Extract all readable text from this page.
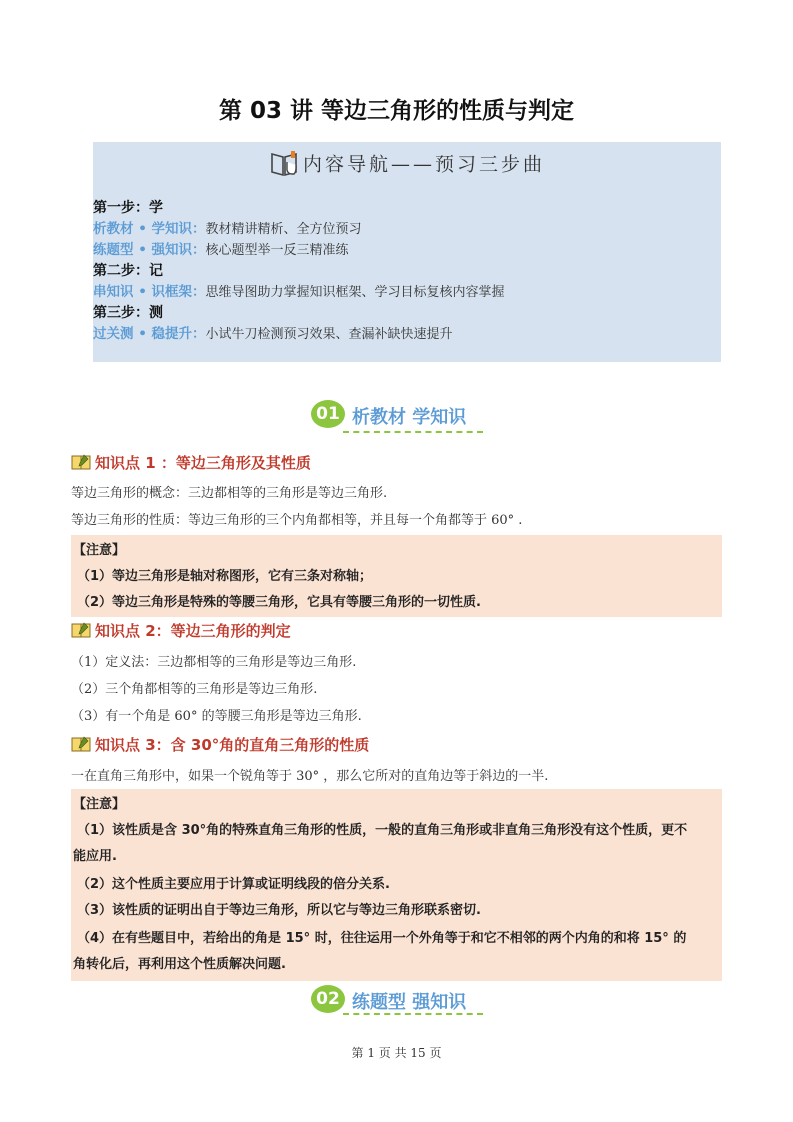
第 03 讲 等边三角形的性质与判定
内容导航——预习三步曲
第一步：学
析教材 • 学知识：教材精讲精析、全方位预习
练题型 • 强知识：核心题型举一反三精准练
第二步：记
串知识 • 识框架：思维导图助力掌握知识框架、学习目标复核内容掌握
第三步：测
过关测 • 稳提升：小试牛刀检测预习效果、查漏补缺快速提升
01 析教材 学知识
知识点 1 ：等边三角形及其性质
等边三角形的概念：三边都相等的三角形是等边三角形.
等边三角形的性质：等边三角形的三个内角都相等，并且每一个角都等于 60° .
【注意】
（1）等边三角形是轴对称图形，它有三条对称轴；
（2）等边三角形是特殊的等腰三角形，它具有等腰三角形的一切性质.
知识点 2：等边三角形的判定
（1）定义法：三边都相等的三角形是等边三角形.
（2）三个角都相等的三角形是等边三角形.
（3）有一个角是 60° 的等腰三角形是等边三角形.
知识点 3：含 30°角的直角三角形的性质
一在直角三角形中，如果一个锐角等于 30° ，那么它所对的直角边等于斜边的一半.
【注意】
（1）该性质是含 30°角的特殊直角三角形的性质，一般的直角三角形或非直角三角形没有这个性质，更不
能应用.
（2）这个性质主要应用于计算或证明线段的倍分关系.
（3）该性质的证明出自于等边三角形，所以它与等边三角形联系密切.
（4）在有些题目中，若给出的角是 15° 时，往往运用一个外角等于和它不相邻的两个内角的和将 15° 的
角转化后，再利用这个性质解决问题.
02 练题型 强知识
第 1 页 共 15 页
